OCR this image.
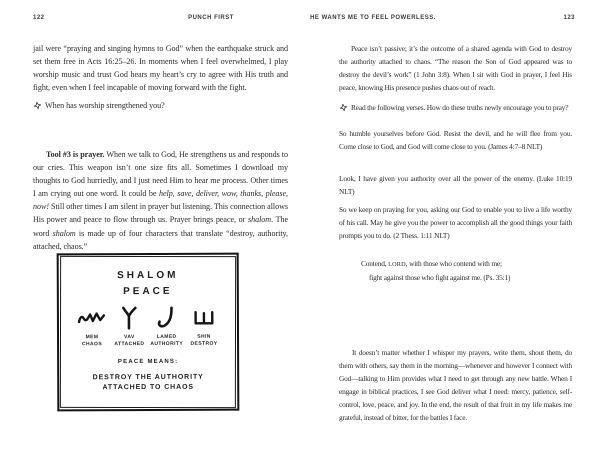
122	PUNCH FIRST	HE WANTS ME TO FEEL POWERLESS.	123

jail were “praying and singing hymns to God” when the earthquake struck and set them free in Acts 16:25–26. In moments when I feel overwhelmed, I play worship music and trust God hears my heart’s cry to agree with His truth and fight, even when I feel incapable of moving forward with the fight.

When has worship strengthened you?

Tool #3 is prayer. When we talk to God, He strengthens us and responds to our cries. This weapon isn’t one size fits all. Sometimes I download my thoughts to God hurriedly, and I just need Him to hear me process. Other times I am crying out one word. It could be help, save, deliver, wow, thanks, please, now! Still other times I am silent in prayer but listening. This connection allows His power and peace to flow through us. Prayer brings peace, or shalom. The word shalom is made up of four characters that translate “destroy, authority, attached, chaos.”

SHALOM
PEACE
MEM
CHAOS
VAV
ATTACHED
LAMED
AUTHORITY
SHIN
DESTROY
PEACE MEANS:
DESTROY THE AUTHORITY
ATTACHED TO CHAOS

Peace isn’t passive; it’s the outcome of a shared agenda with God to destroy the authority attached to chaos. “The reason the Son of God appeared was to destroy the devil’s work” (1 John 3:8). When I sit with God in prayer, I feel His peace, knowing His presence pushes chaos out of reach.

Read the following verses. How do these truths newly encourage you to pray?

So humble yourselves before God. Resist the devil, and he will flee from you. Come close to God, and God will come close to you. (James 4:7–8 NLT)

Look, I have given you authority over all the power of the enemy. (Luke 10:19 NLT)

So we keep on praying for you, asking our God to enable you to live a life worthy of his call. May he give you the power to accomplish all the good things your faith prompts you to do. (2 Thess. 1:11 NLT)

Contend, LORD, with those who contend with me;
fight against those who fight against me. (Ps. 35:1)

It doesn’t matter whether I whisper my prayers, write them, shout them, do them with others, say them in the morning—whenever and however I connect with God—talking to Him provides what I need to get through any new battle. When I engage in biblical practices, I see God deliver what I need: mercy, patience, self-control, love, peace, and joy. In the end, the result of that fruit in my life makes me grateful, instead of bitter, for the battles I face.
